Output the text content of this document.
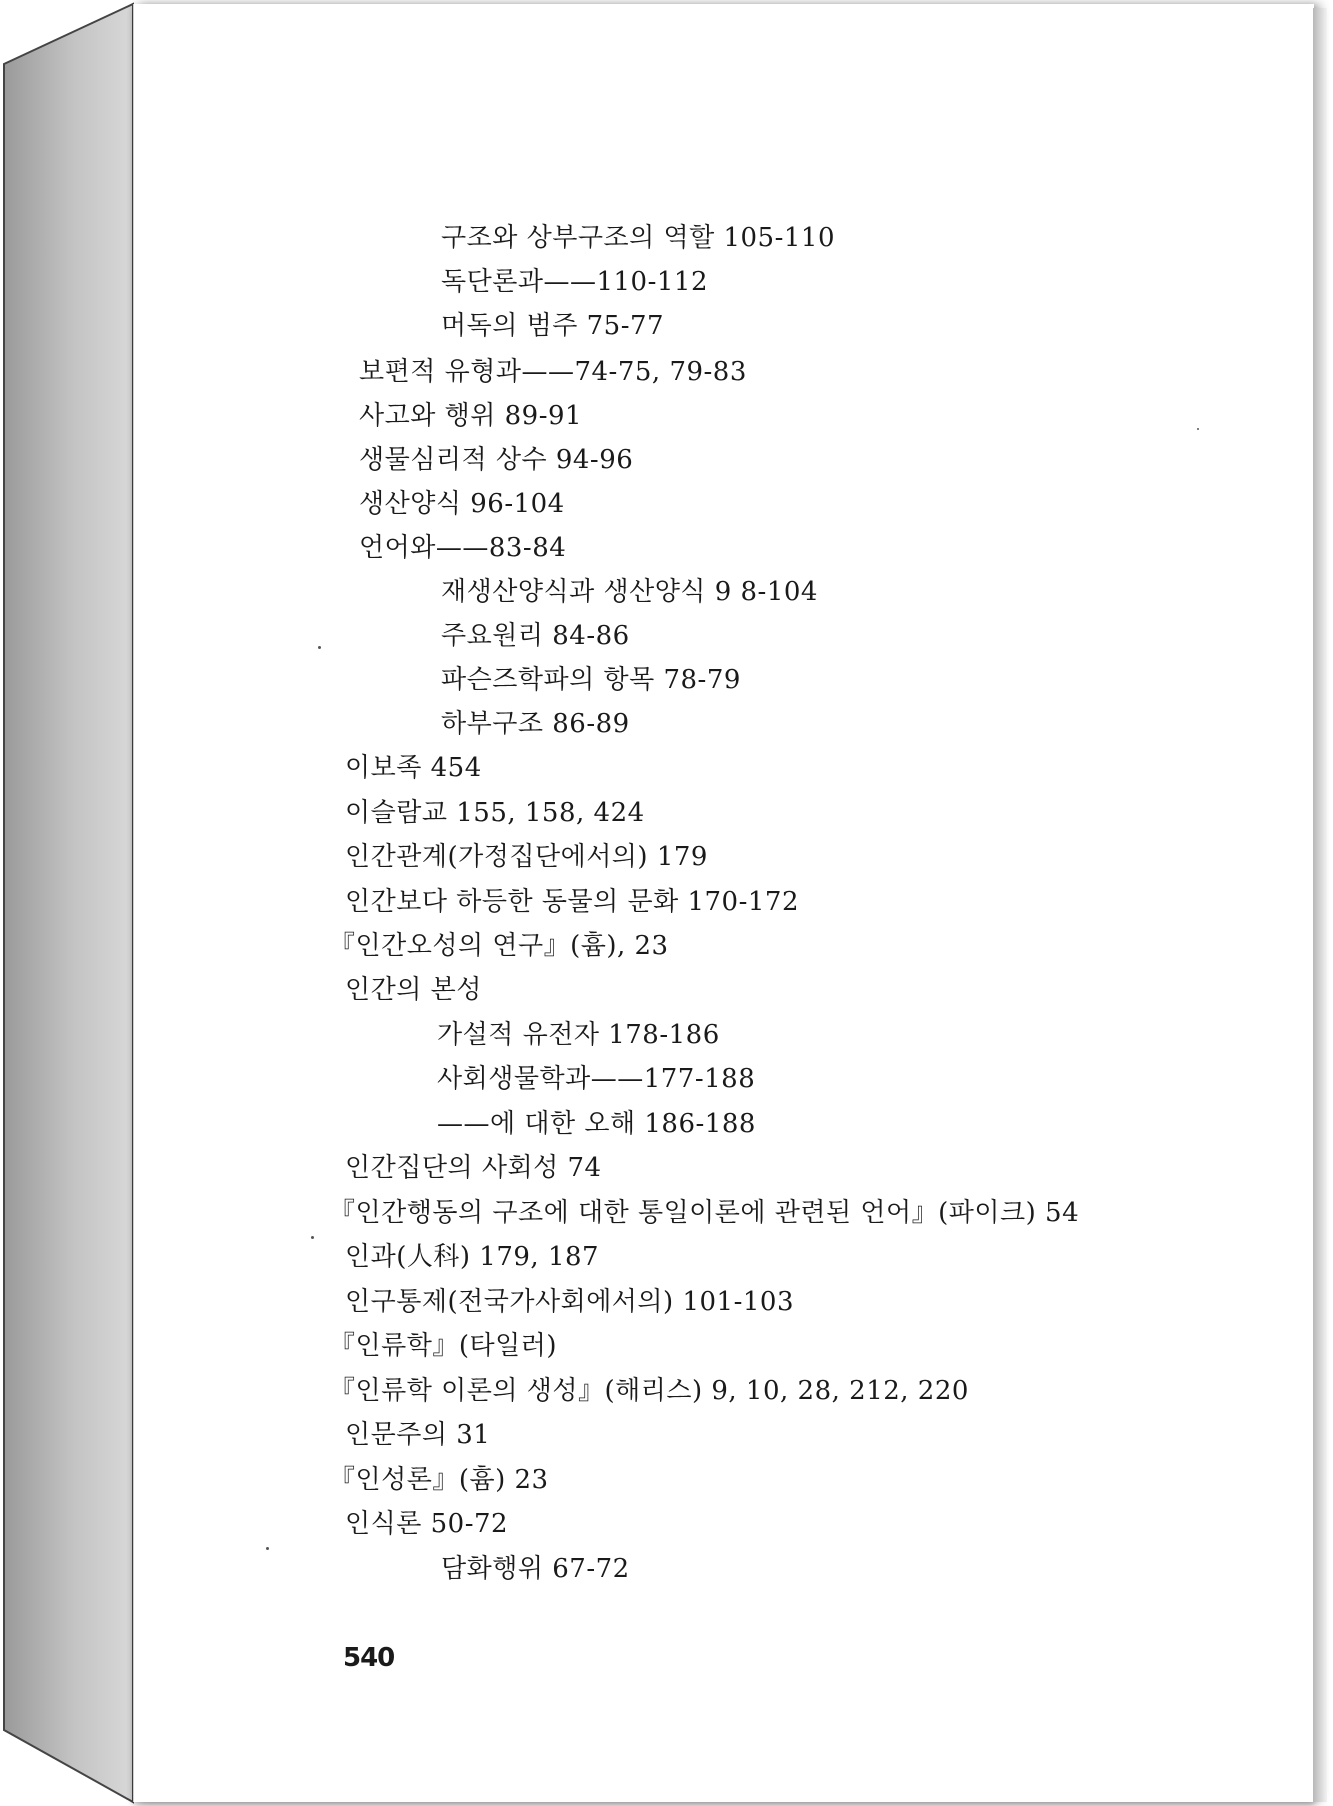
구조와 상부구조의 역할 105-110
독단론과——110-112
머독의 범주 75-77
보편적 유형과——74-75, 79-83
사고와 행위 89-91
생물심리적 상수 94-96
생산양식 96-104
언어와——83-84
재생산양식과 생산양식 9 8-104
주요원리 84-86
파슨즈학파의 항목 78-79
하부구조 86-89
이보족 454
이슬람교 155, 158, 424
인간관계(가정집단에서의) 179
인간보다 하등한 동물의 문화 170-172
『인간오성의 연구』(흄), 23
인간의 본성
가설적 유전자 178-186
사회생물학과——177-188
——에 대한 오해 186-188
인간집단의 사회성 74
『인간행동의 구조에 대한 통일이론에 관련된 언어』(파이크) 54
인과(人科) 179, 187
인구통제(전국가사회에서의) 101-103
『인류학』(타일러)
『인류학 이론의 생성』(해리스) 9, 10, 28, 212, 220
인문주의 31
『인성론』(흄) 23
인식론 50-72
담화행위 67-72
540
